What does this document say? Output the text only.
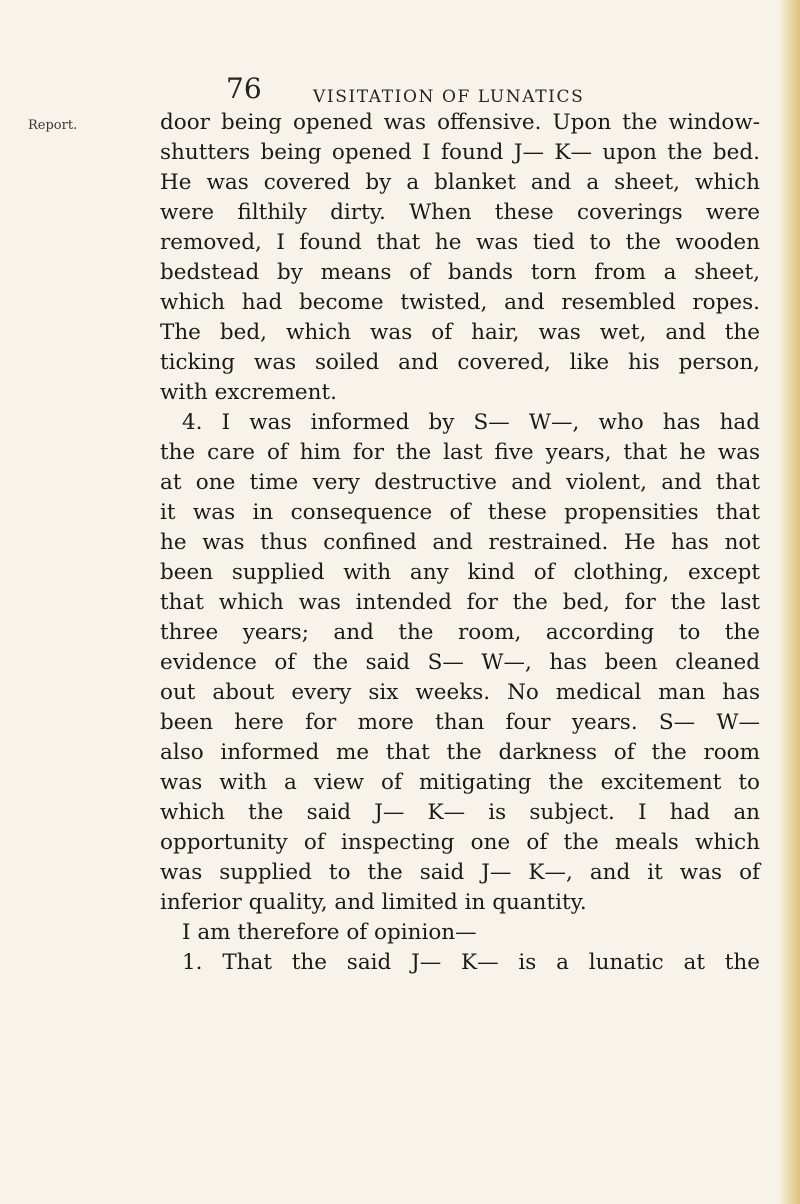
76	VISITATION OF LUNATICS
Report.	door being opened was offensive. Upon the window-
shutters being opened I found J— K— upon the bed.
He was covered by a blanket and a sheet, which
were filthily dirty. When these coverings were
removed, I found that he was tied to the wooden
bedstead by means of bands torn from a sheet,
which had become twisted, and resembled ropes.
The bed, which was of hair, was wet, and the
ticking was soiled and covered, like his person,
with excrement.
4. I was informed by S— W—, who has had
the care of him for the last five years, that he was
at one time very destructive and violent, and that
it was in consequence of these propensities that
he was thus confined and restrained. He has not
been supplied with any kind of clothing, except
that which was intended for the bed, for the last
three years; and the room, according to the
evidence of the said S— W—, has been cleaned
out about every six weeks. No medical man has
been here for more than four years. S— W—
also informed me that the darkness of the room
was with a view of mitigating the excitement to
which the said J— K— is subject. I had an
opportunity of inspecting one of the meals which
was supplied to the said J— K—, and it was of
inferior quality, and limited in quantity.
I am therefore of opinion—
1. That the said J— K— is a lunatic at the
